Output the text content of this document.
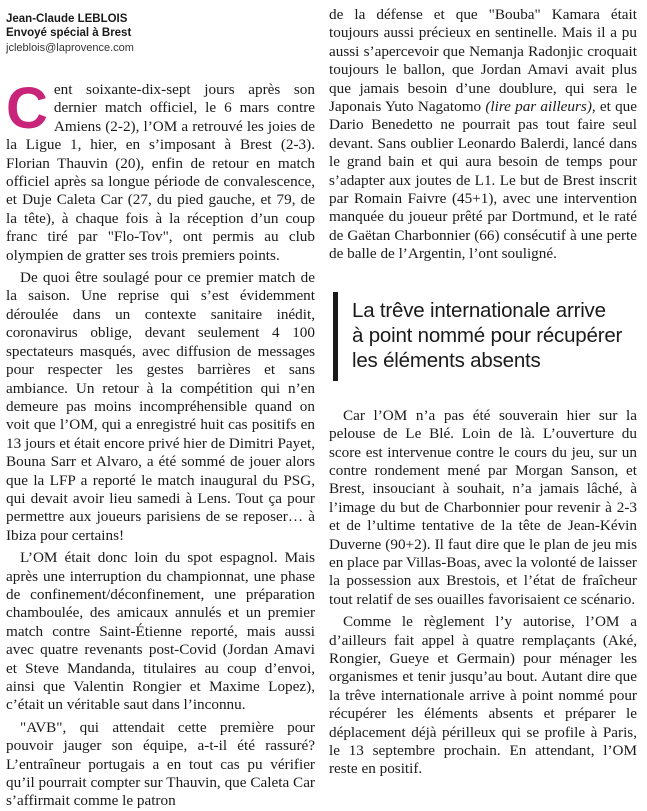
Jean-Claude LEBLOIS
Envoyé spécial à Brest
jcleblois@laprovence.com

Cent soixante-dix-sept jours après son dernier match officiel, le 6 mars contre Amiens (2-2), l’OM a retrouvé les joies de la Ligue 1, hier, en s’imposant à Brest (2-3). Florian Thauvin (20), enfin de retour en match officiel après sa longue période de convalescence, et Duje Caleta Car (27, du pied gauche, et 79, de la tête), à chaque fois à la réception d’un coup franc tiré par "Flo-Tov", ont permis au club olympien de gratter ses trois premiers points.

De quoi être soulagé pour ce premier match de la saison. Une reprise qui s’est évidemment déroulée dans un contexte sanitaire inédit, coronavirus oblige, devant seulement 4 100 spectateurs masqués, avec diffusion de messages pour respecter les gestes barrières et sans ambiance. Un retour à la compétition qui n’en demeure pas moins incompréhensible quand on voit que l’OM, qui a enregistré huit cas positifs en 13 jours et était encore privé hier de Dimitri Payet, Bouna Sarr et Alvaro, a été sommé de jouer alors que la LFP a reporté le match inaugural du PSG, qui devait avoir lieu samedi à Lens. Tout ça pour permettre aux joueurs parisiens de se reposer… à Ibiza pour certains!

L’OM était donc loin du spot espagnol. Mais après une interruption du championnat, une phase de confinement/déconfinement, une préparation chamboulée, des amicaux annulés et un premier match contre Saint-Étienne reporté, mais aussi avec quatre revenants post-Covid (Jordan Amavi et Steve Mandanda, titulaires au coup d’envoi, ainsi que Valentin Rongier et Maxime Lopez), c’était un véritable saut dans l’inconnu.

"AVB", qui attendait cette première pour pouvoir jauger son équipe, a-t-il été rassuré? L’entraîneur portugais a en tout cas pu vérifier qu’il pourrait compter sur Thauvin, que Caleta Car s’affirmait comme le patron

de la défense et que "Bouba" Kamara était toujours aussi précieux en sentinelle. Mais il a pu aussi s’apercevoir que Nemanja Radonjic croquait toujours le ballon, que Jordan Amavi avait plus que jamais besoin d’une doublure, qui sera le Japonais Yuto Nagatomo (lire par ailleurs), et que Dario Benedetto ne pourrait pas tout faire seul devant. Sans oublier Leonardo Balerdi, lancé dans le grand bain et qui aura besoin de temps pour s’adapter aux joutes de L1. Le but de Brest inscrit par Romain Faivre (45+1), avec une intervention manquée du joueur prêté par Dortmund, et le raté de Gaëtan Charbonnier (66) consécutif à une perte de balle de l’Argentin, l’ont souligné.

La trêve internationale arrive
à point nommé pour récupérer
les éléments absents

Car l’OM n’a pas été souverain hier sur la pelouse de Le Blé. Loin de là. L’ouverture du score est intervenue contre le cours du jeu, sur un contre rondement mené par Morgan Sanson, et Brest, insouciant à souhait, n’a jamais lâché, à l’image du but de Charbonnier pour revenir à 2-3 et de l’ultime tentative de la tête de Jean-Kévin Duverne (90+2). Il faut dire que le plan de jeu mis en place par Villas-Boas, avec la volonté de laisser la possession aux Brestois, et l’état de fraîcheur tout relatif de ses ouailles favorisaient ce scénario.

Comme le règlement l’y autorise, l’OM a d’ailleurs fait appel à quatre remplaçants (Aké, Rongier, Gueye et Germain) pour ménager les organismes et tenir jusqu’au bout. Autant dire que la trêve internationale arrive à point nommé pour récupérer les éléments absents et préparer le déplacement déjà périlleux qui se profile à Paris, le 13 septembre prochain. En attendant, l’OM reste en positif.
